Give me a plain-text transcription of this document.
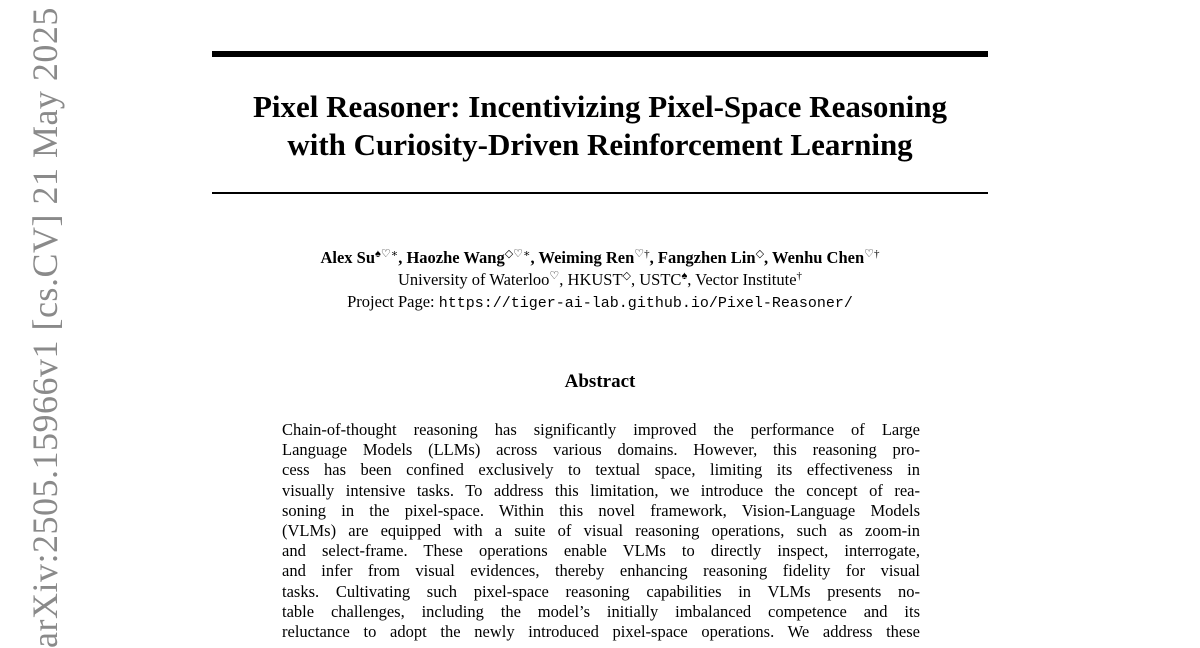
arXiv:2505.15966v1 [cs.CV] 21 May 2025	Pixel Reasoner: Incentivizing Pixel-Space Reasoning
with Curiosity-Driven Reinforcement Learning
Alex Su♠♡∗, Haozhe Wang◇♡∗, Weiming Ren♡†, Fangzhen Lin◇, Wenhu Chen♡†
University of Waterloo♡, HKUST◇, USTC♠, Vector Institute†
Project Page: https://tiger-ai-lab.github.io/Pixel-Reasoner/
Abstract
Chain-of-thought reasoning has significantly improved the performance of Large
Language Models (LLMs) across various domains. However, this reasoning pro-
cess has been confined exclusively to textual space, limiting its effectiveness in
visually intensive tasks. To address this limitation, we introduce the concept of rea-
soning in the pixel-space. Within this novel framework, Vision-Language Models
(VLMs) are equipped with a suite of visual reasoning operations, such as zoom-in
and select-frame. These operations enable VLMs to directly inspect, interrogate,
and infer from visual evidences, thereby enhancing reasoning fidelity for visual
tasks. Cultivating such pixel-space reasoning capabilities in VLMs presents no-
table challenges, including the model’s initially imbalanced competence and its
reluctance to adopt the newly introduced pixel-space operations. We address these
